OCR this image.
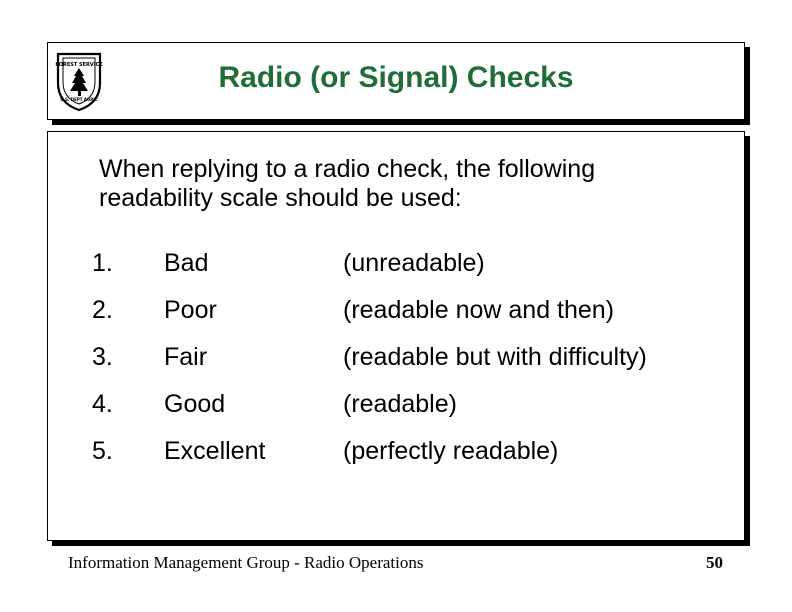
FOREST SERVICE
U.S. DEPT AGRIC
Radio (or Signal) Checks
When replying to a radio check, the following readability scale should be used:
1. Bad	(unreadable)
2. Poor	(readable now and then)
3. Fair	(readable but with difficulty)
4. Good	(readable)
5. Excellent	(perfectly readable)
Information Management Group - Radio Operations	50
